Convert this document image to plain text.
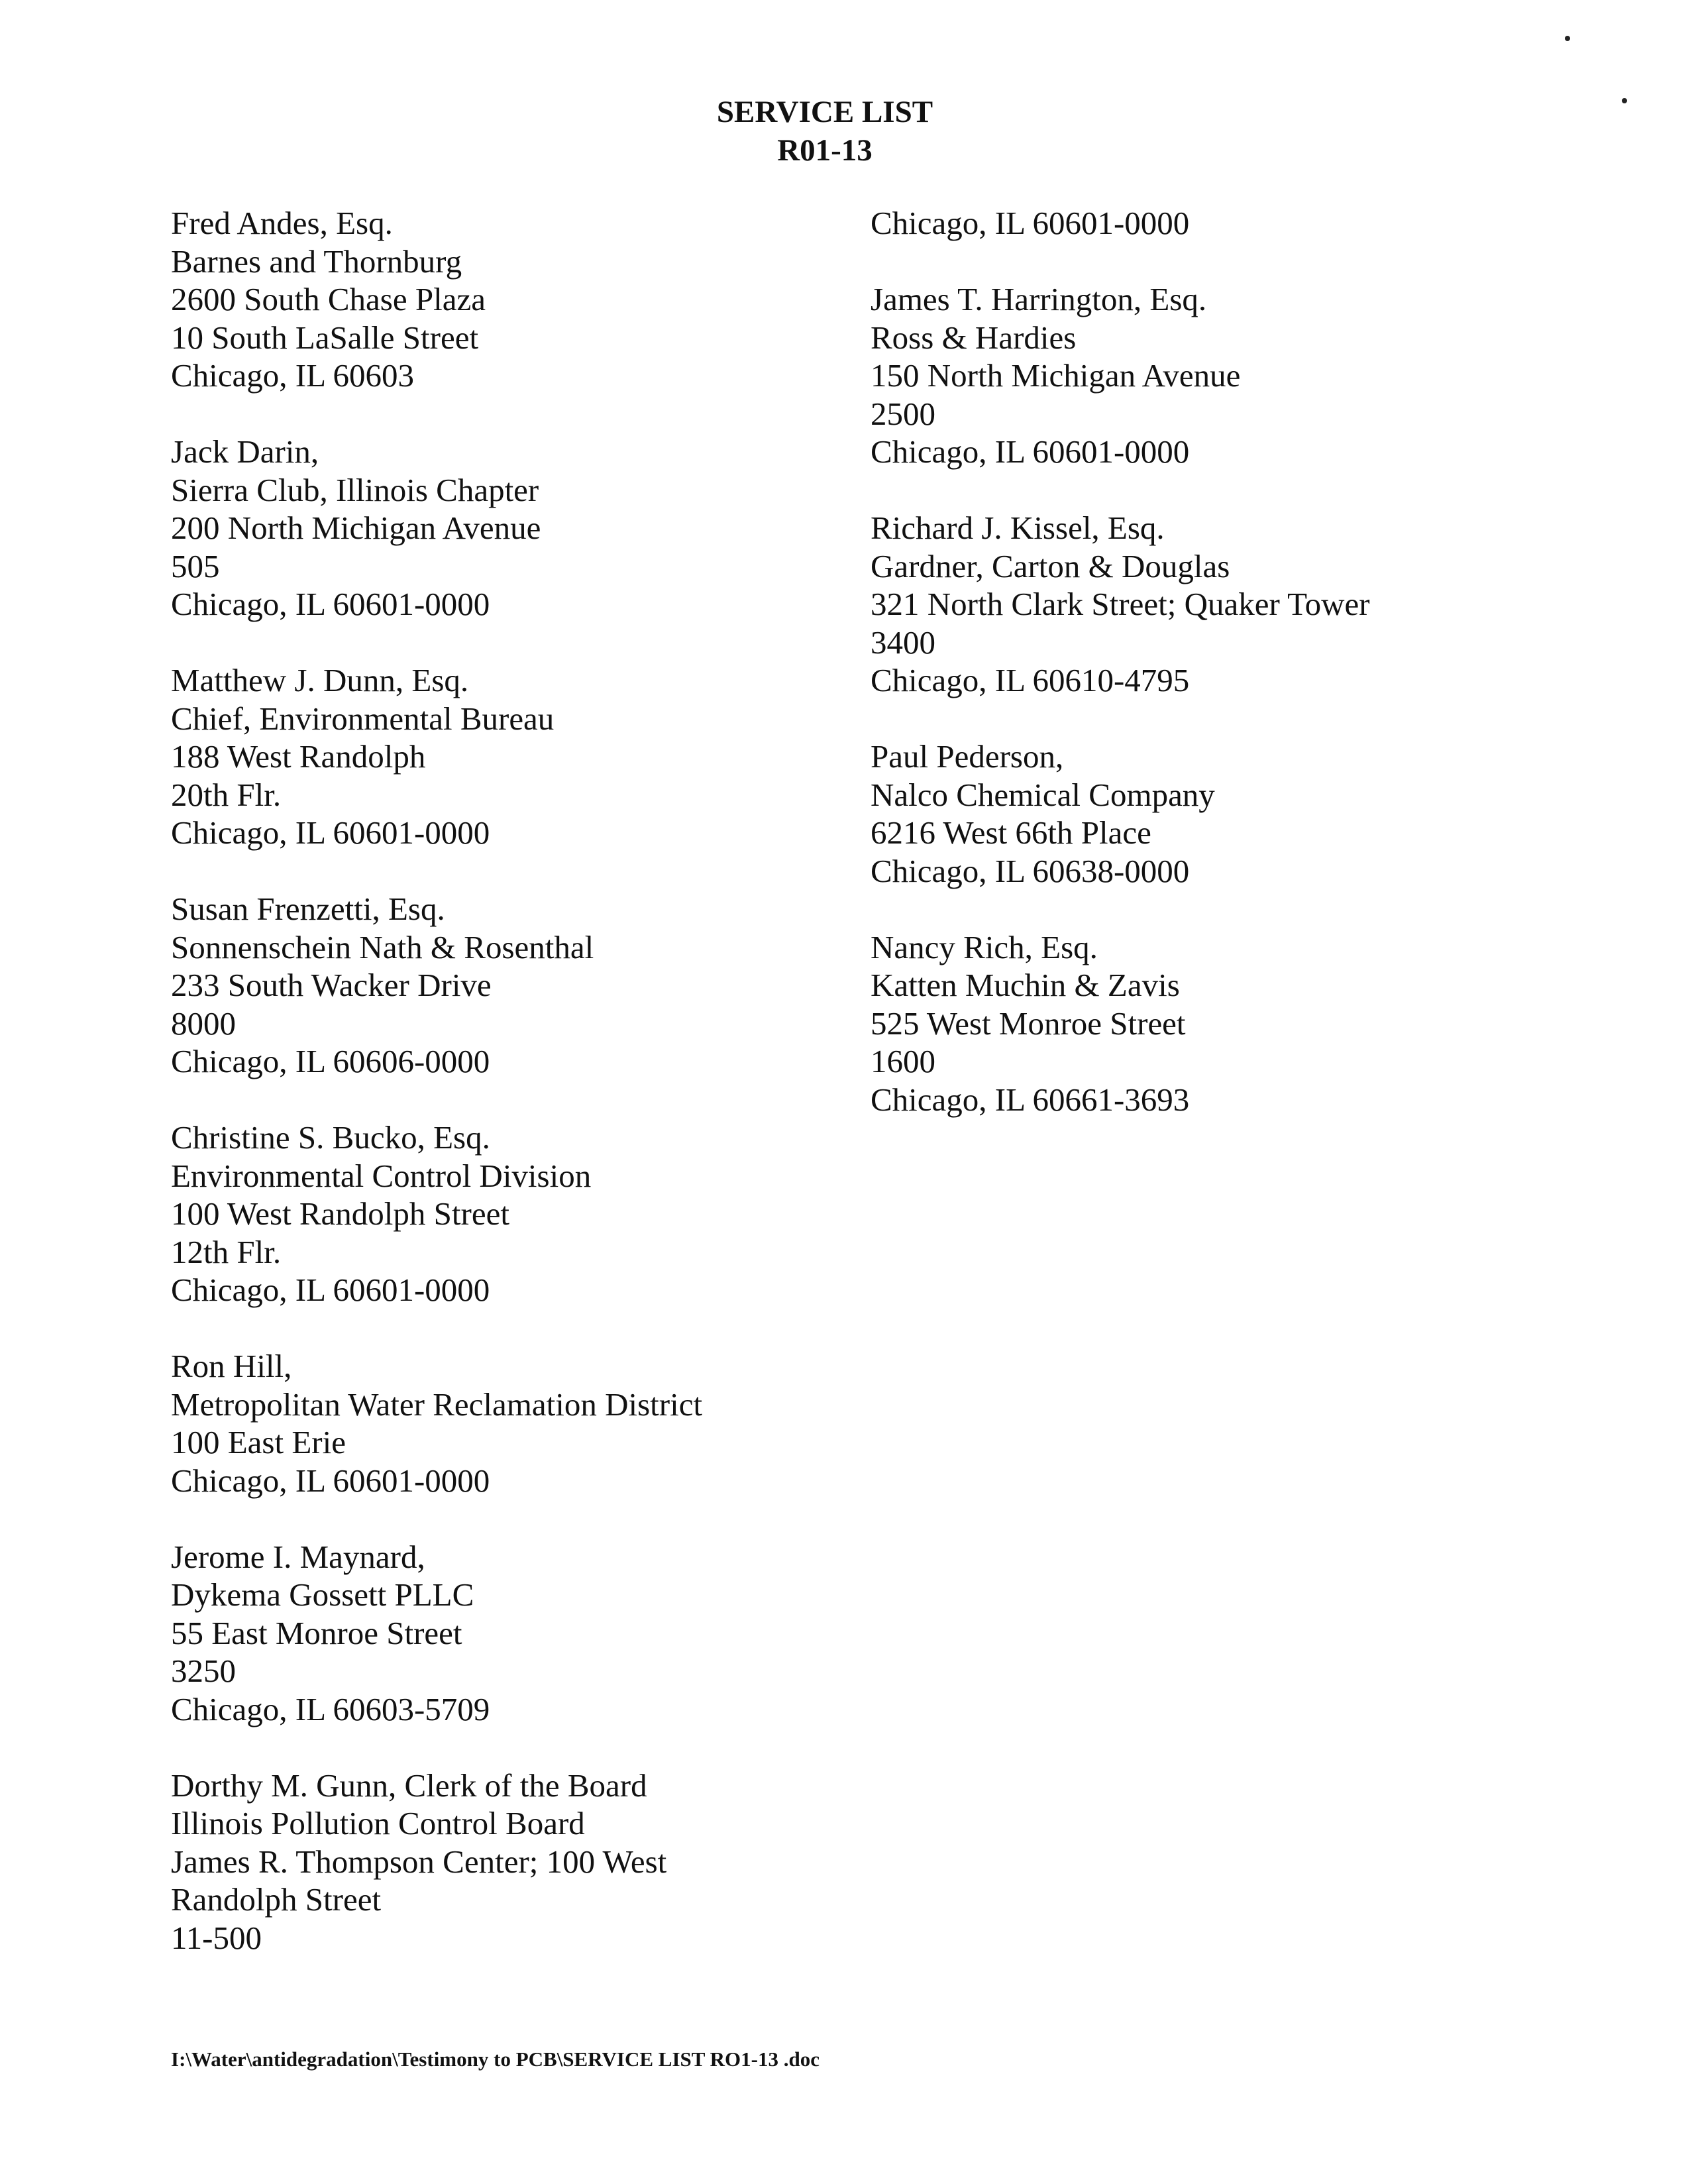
SERVICE LIST
R01-13
Fred Andes, Esq.
Barnes and Thornburg
2600 South Chase Plaza
10 South LaSalle Street
Chicago, IL 60603
Jack Darin,
Sierra Club, Illinois Chapter
200 North Michigan Avenue
505
Chicago, IL 60601-0000
Matthew J. Dunn, Esq.
Chief, Environmental Bureau
188 West Randolph
20th Flr.
Chicago, IL 60601-0000
Susan Frenzetti, Esq.
Sonnenschein Nath & Rosenthal
233 South Wacker Drive
8000
Chicago, IL 60606-0000
Christine S. Bucko, Esq.
Environmental Control Division
100 West Randolph Street
12th Flr.
Chicago, IL 60601-0000
Ron Hill,
Metropolitan Water Reclamation District
100 East Erie
Chicago, IL 60601-0000
Jerome I. Maynard,
Dykema Gossett PLLC
55 East Monroe Street
3250
Chicago, IL 60603-5709
Dorthy M. Gunn, Clerk of the Board
Illinois Pollution Control Board
James R. Thompson Center; 100 West
Randolph Street
11-500
Chicago, IL 60601-0000
James T. Harrington, Esq.
Ross & Hardies
150 North Michigan Avenue
2500
Chicago, IL 60601-0000
Richard J. Kissel, Esq.
Gardner, Carton & Douglas
321 North Clark Street; Quaker Tower
3400
Chicago, IL 60610-4795
Paul Pederson,
Nalco Chemical Company
6216 West 66th Place
Chicago, IL 60638-0000
Nancy Rich, Esq.
Katten Muchin & Zavis
525 West Monroe Street
1600
Chicago, IL 60661-3693
I:\Water\antidegradation\Testimony to PCB\SERVICE LIST RO1-13 .doc
